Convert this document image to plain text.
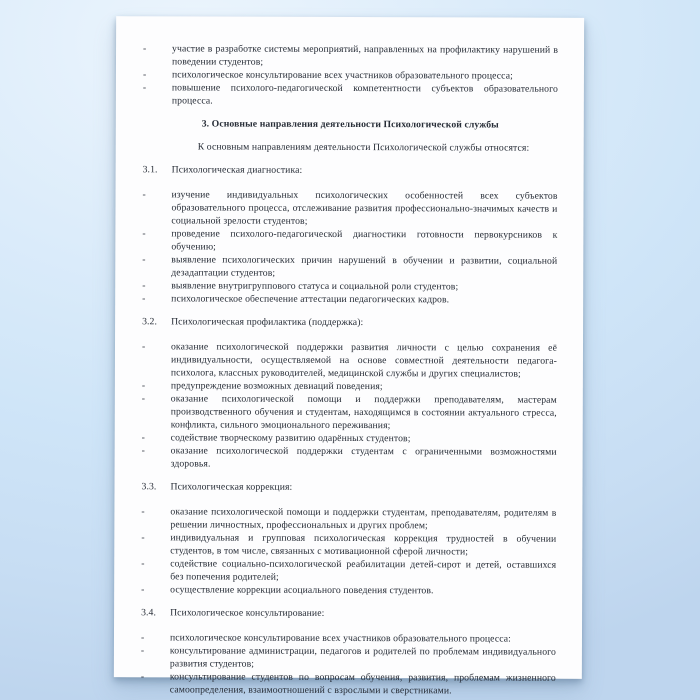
-	участие в разработке системы мероприятий, направленных на профилактику нарушений в поведении студентов;
-	психологическое консультирование всех участников образовательного процесса;
-	повышение психолого-педагогической компетентности субъектов образовательного процесса.
3. Основные направления деятельности Психологической службы

К основным направлениям деятельности Психологической службы относятся:

3.1.	Психологическая диагностика:
-	изучение индивидуальных психологических особенностей всех субъектов образовательного процесса, отслеживание развития профессионально-значимых качеств и социальной зрелости студентов;
-	проведение психолого-педагогической диагностики готовности первокурсников к обучению;
-	выявление психологических причин нарушений в обучении и развитии, социальной дезадаптации студентов;
-	выявление внутригруппового статуса и социальной роли студентов;
-	психологическое обеспечение аттестации педагогических кадров.
3.2.	Психологическая профилактика (поддержка):
-	оказание психологической поддержки развития личности с целью сохранения её индивидуальности, осуществляемой на основе совместной деятельности педагога-психолога, классных руководителей, медицинской службы и других специалистов;
-	предупреждение возможных девиаций поведения;
-	оказание психологической помощи и поддержки преподавателям, мастерам производственного обучения и студентам, находящимся в состоянии актуального стресса, конфликта, сильного эмоционального переживания;
-	содействие творческому развитию одарённых студентов;
-	оказание психологической поддержки студентам с ограниченными возможностями здоровья.
3.3.	Психологическая коррекция:
-	оказание психологической помощи и поддержки студентам, преподавателям, родителям в решении личностных, профессиональных и других проблем;
-	индивидуальная и групповая психологическая коррекция трудностей в обучении студентов, в том числе, связанных с мотивационной сферой личности;
-	содействие социально-психологической реабилитации детей-сирот и детей, оставшихся без попечения родителей;
-	осуществление коррекции асоциального поведения студентов.
3.4.	Психологическое консультирование:
-	психологическое консультирование всех участников образовательного процесса:
-	консультирование администрации, педагогов и родителей по проблемам индивидуального развития студентов;
-	консультирование студентов по вопросам обучения, развития, проблемам жизненного самоопределения, взаимоотношений с взрослыми и сверстниками.
